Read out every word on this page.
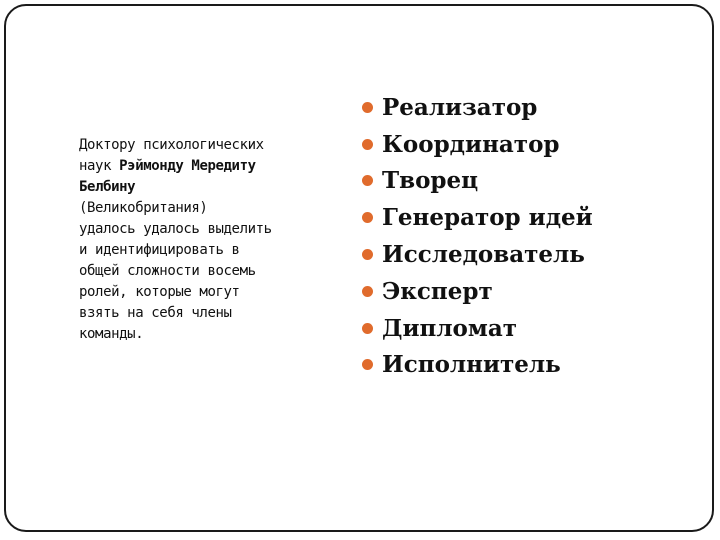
Доктору психологических
наук Рэймонду Мередиту
Белбину
(Великобритания)
удалось удалось выделить
и идентифицировать в
общей сложности восемь
ролей, которые могут
взять на себя члены
команды.
Реализатор
Координатор
Творец
Генератор идей
Исследователь
Эксперт
Дипломат
Исполнитель
